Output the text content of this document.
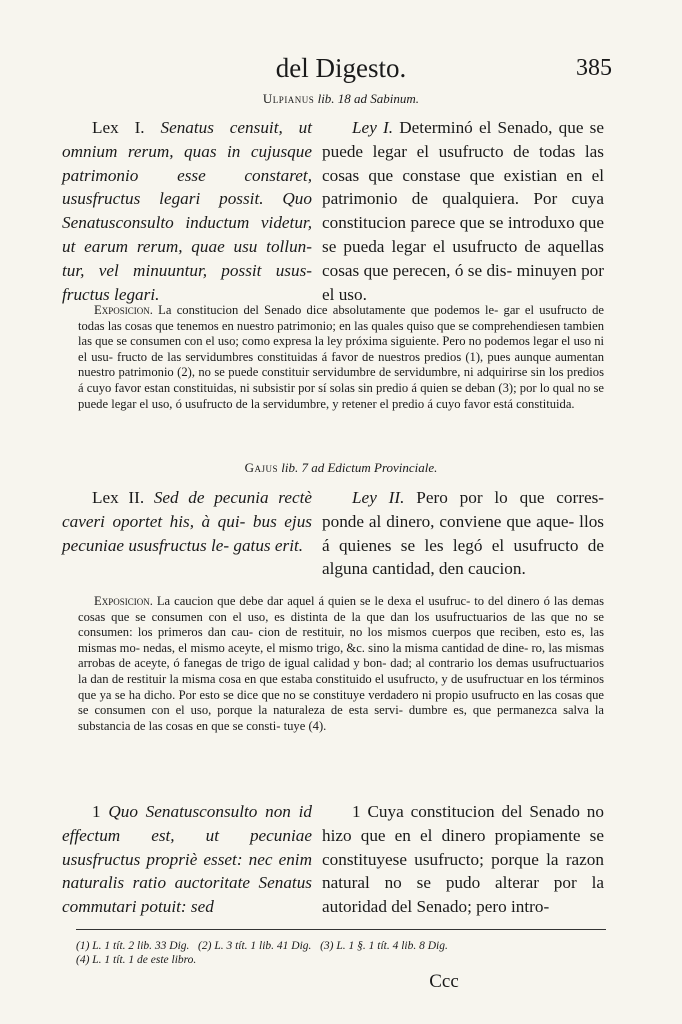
del Digesto.	385
Ulpianus lib. 18 ad Sabinum.

Lex I. Senatus censuit, ut omnium rerum, quas in cujusque patrimonio esse constaret, ususfructus legari possit. Quo Senatusconsulto inductum videtur, ut earum rerum, quae usu tollun- tur, vel minuuntur, possit usus- fructus legari.

Ley I. Determinó el Senado, que se puede legar el usufructo de todas las cosas que constase que existian en el patrimonio de qualquiera. Por cuya constitucion parece que se introduxo que se pueda legar el usufructo de aquellas cosas que perecen, ó se dis- minuyen por el uso.

Exposicion. La constitucion del Senado dice absolutamente que podemos le- gar el usufructo de todas las cosas que tenemos en nuestro patrimonio; en las quales quiso que se comprehendiesen tambien las que se consumen con el uso; como expresa la ley próxima siguiente. Pero no podemos legar el uso ni el usu- fructo de las servidumbres constituidas á favor de nuestros predios (1), pues aunque aumentan nuestro patrimonio (2), no se puede constituir servidumbre de servidumbre, ni adquirirse sin los predios á cuyo favor estan constituidas, ni subsistir por sí solas sin predio á quien se deban (3); por lo qual no se puede legar el uso, ó usufructo de la servidumbre, y retener el predio á cuyo favor está constituida.

Gajus lib. 7 ad Edictum Provinciale.

Lex II. Sed de pecunia rectè caveri oportet his, à qui- bus ejus pecuniae ususfructus le- gatus erit.

Ley II. Pero por lo que corres- ponde al dinero, conviene que aque- llos á quienes se les legó el usufructo de alguna cantidad, den caucion.

Exposicion. La caucion que debe dar aquel á quien se le dexa el usufruc- to del dinero ó las demas cosas que se consumen con el uso, es distinta de la que dan los usufructuarios de las que no se consumen: los primeros dan cau- cion de restituir, no los mismos cuerpos que reciben, esto es, las mismas mo- nedas, el mismo aceyte, el mismo trigo, &c. sino la misma cantidad de dine- ro, las mismas arrobas de aceyte, ó fanegas de trigo de igual calidad y bon- dad; al contrario los demas usufructuarios la dan de restituir la misma cosa en que estaba constituido el usufructo, y de usufructuar en los términos que ya se ha dicho. Por esto se dice que no se constituye verdadero ni propio usufructo en las cosas que se consumen con el uso, porque la naturaleza de esta servi- dumbre es, que permanezca salva la substancia de las cosas en que se consti- tuye (4).

1 Quo Senatusconsulto non id effectum est, ut pecuniae ususfructus propriè esset: nec enim naturalis ratio auctoritate Senatus commutari potuit: sed

1 Cuya constitucion del Senado no hizo que en el dinero propiamente se constituyese usufructo; porque la razon natural no se pudo alterar por la autoridad del Senado; pero intro-

(1) L. 1 tít. 2 lib. 33 Dig. (2) L. 3 tít. 1 lib. 41 Dig. (3) L. 1 §. 1 tít. 4 lib. 8 Dig.
(4) L. 1 tít. 1 de este libro.

Ccc
